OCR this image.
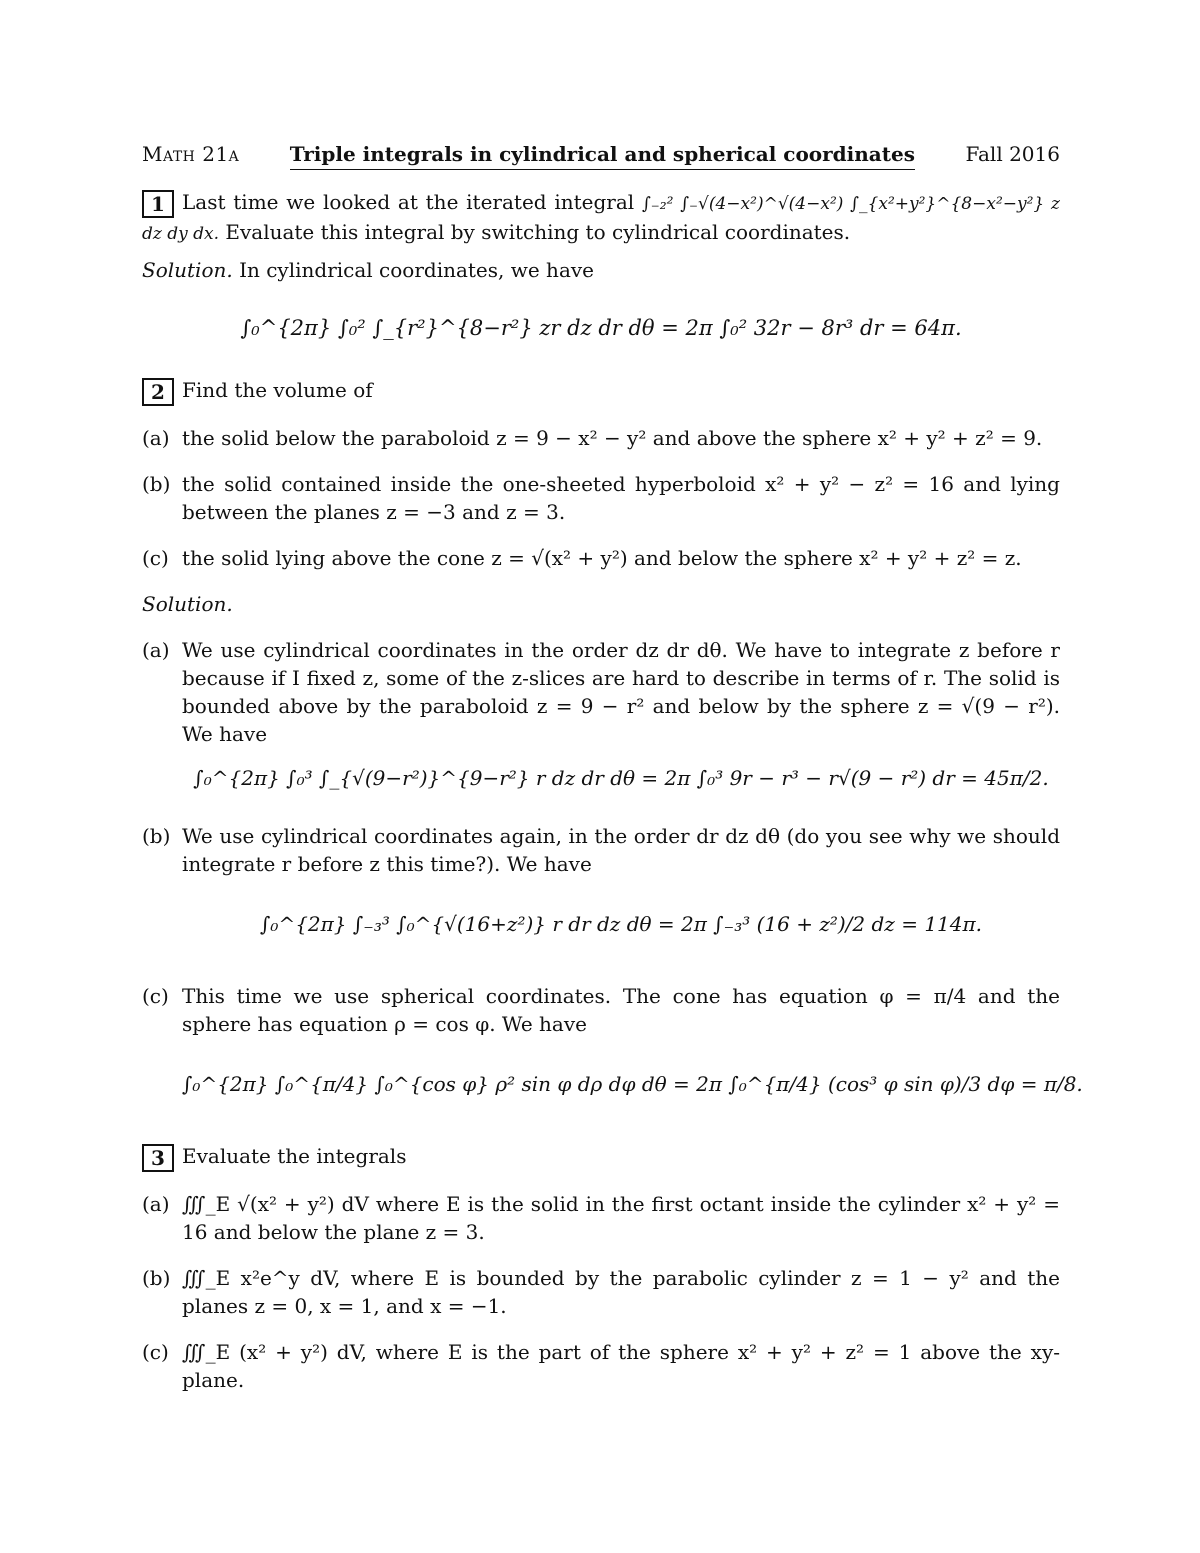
Math 21a	Triple integrals in cylindrical and spherical coordinates	Fall 2016

1 Last time we looked at the iterated integral ∫₋₂² ∫₋√(4−x²)^√(4−x²) ∫_{x²+y²}^{8−x²−y²} z dz dy dx. Evaluate this integral by switching to cylindrical coordinates.

Solution. In cylindrical coordinates, we have

∫₀^{2π} ∫₀² ∫_{r²}^{8−r²} zr dz dr dθ = 2π ∫₀² 32r − 8r³ dr = 64π.

2 Find the volume of

(a) the solid below the paraboloid z = 9 − x² − y² and above the sphere x² + y² + z² = 9.
(b) the solid contained inside the one-sheeted hyperboloid x² + y² − z² = 16 and lying between the planes z = −3 and z = 3.
(c) the solid lying above the cone z = √(x² + y²) and below the sphere x² + y² + z² = z.

Solution.

(a) We use cylindrical coordinates in the order dz dr dθ. We have to integrate z before r because if I fixed z, some of the z-slices are hard to describe in terms of r. The solid is bounded above by the paraboloid z = 9 − r² and below by the sphere z = √(9 − r²). We have

∫₀^{2π} ∫₀³ ∫_{√(9−r²)}^{9−r²} r dz dr dθ = 2π ∫₀³ 9r − r³ − r√(9 − r²) dr = 45π/2.

(b) We use cylindrical coordinates again, in the order dr dz dθ (do you see why we should integrate r before z this time?). We have

∫₀^{2π} ∫₋₃³ ∫₀^{√(16+z²)} r dr dz dθ = 2π ∫₋₃³ (16 + z²)/2 dz = 114π.

(c) This time we use spherical coordinates. The cone has equation φ = π/4 and the sphere has equation ρ = cos φ. We have

∫₀^{2π} ∫₀^{π/4} ∫₀^{cos φ} ρ² sin φ dρ dφ dθ = 2π ∫₀^{π/4} (cos³ φ sin φ)/3 dφ = π/8.

3 Evaluate the integrals

(a) ∭_E √(x² + y²) dV where E is the solid in the first octant inside the cylinder x² + y² = 16 and below the plane z = 3.
(b) ∭_E x²e^y dV, where E is bounded by the parabolic cylinder z = 1 − y² and the planes z = 0, x = 1, and x = −1.
(c) ∭_E (x² + y²) dV, where E is the part of the sphere x² + y² + z² = 1 above the xy-plane.
